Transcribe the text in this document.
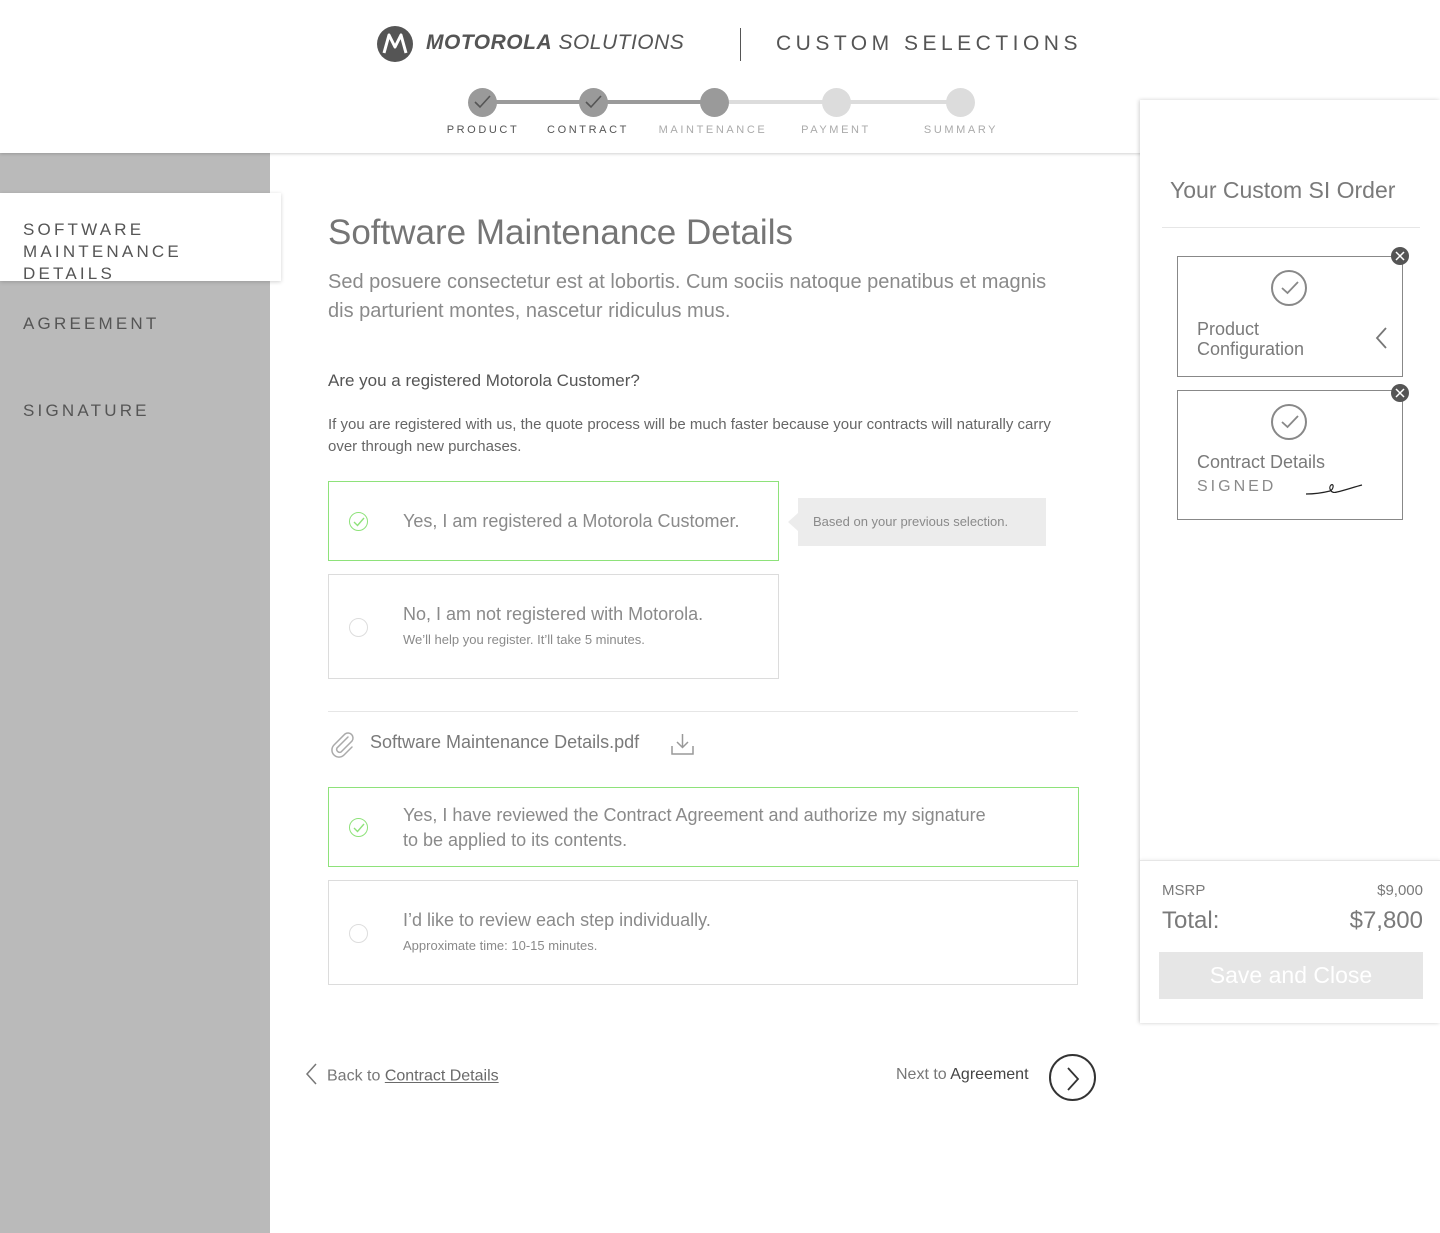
MOTOROLA SOLUTIONS	CUSTOM SELECTIONS
PRODUCT	CONTRACT	MAINTENANCE	PAYMENT	SUMMARY
AGREEMENT
SIGNATURE
SOFTWARE MAINTENANCE DETAILS
Software Maintenance Details
Sed posuere consectetur est at lobortis. Cum sociis natoque penatibus et magnis dis parturient montes, nascetur ridiculus mus.
Are you a registered Motorola Customer?
If you are registered with us, the quote process will be much faster because your contracts will naturally carry over through new purchases.
Yes, I am registered a Motorola Customer.	Based on your previous selection.
No, I am not registered with Motorola.
We’ll help you register. It’ll take 5 minutes.
Software Maintenance Details.pdf
Yes, I have reviewed the Contract Agreement and authorize my signature to be applied to its contents.
I’d like to review each step individually.
Approximate time: 10-15 minutes.
Back to Contract Details	Next to Agreement
Your Custom SI Order
Product Configuration
Contract Details
SIGNED
MSRP	$9,000
Total:	$7,800
Save and Close
